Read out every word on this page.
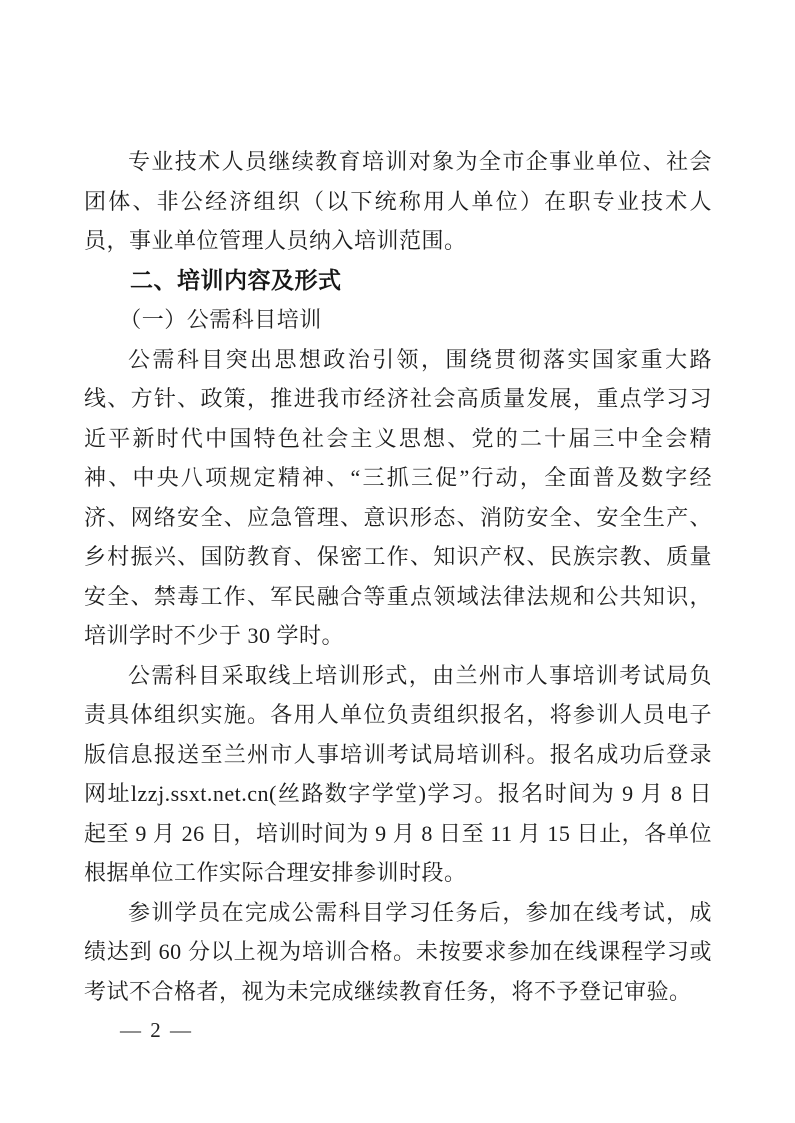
专业技术人员继续教育培训对象为全市企事业单位、社会团体、非公经济组织（以下统称用人单位）在职专业技术人员，事业单位管理人员纳入培训范围。

二、培训内容及形式
（一）公需科目培训

公需科目突出思想政治引领，围绕贯彻落实国家重大路线、方针、政策，推进我市经济社会高质量发展，重点学习习近平新时代中国特色社会主义思想、党的二十届三中全会精神、中央八项规定精神、“三抓三促”行动，全面普及数字经济、网络安全、应急管理、意识形态、消防安全、安全生产、乡村振兴、国防教育、保密工作、知识产权、民族宗教、质量安全、禁毒工作、军民融合等重点领域法律法规和公共知识，培训学时不少于 30 学时。

公需科目采取线上培训形式，由兰州市人事培训考试局负责具体组织实施。各用人单位负责组织报名，将参训人员电子版信息报送至兰州市人事培训考试局培训科。报名成功后登录网址lzzj.ssxt.net.cn(丝路数字学堂)学习。报名时间为 9 月 8 日起至 9 月 26 日，培训时间为 9 月 8 日至 11 月 15 日止，各单位根据单位工作实际合理安排参训时段。

参训学员在完成公需科目学习任务后，参加在线考试，成绩达到 60 分以上视为培训合格。未按要求参加在线课程学习或考试不合格者，视为未完成继续教育任务，将不予登记审验。

— 2 —
